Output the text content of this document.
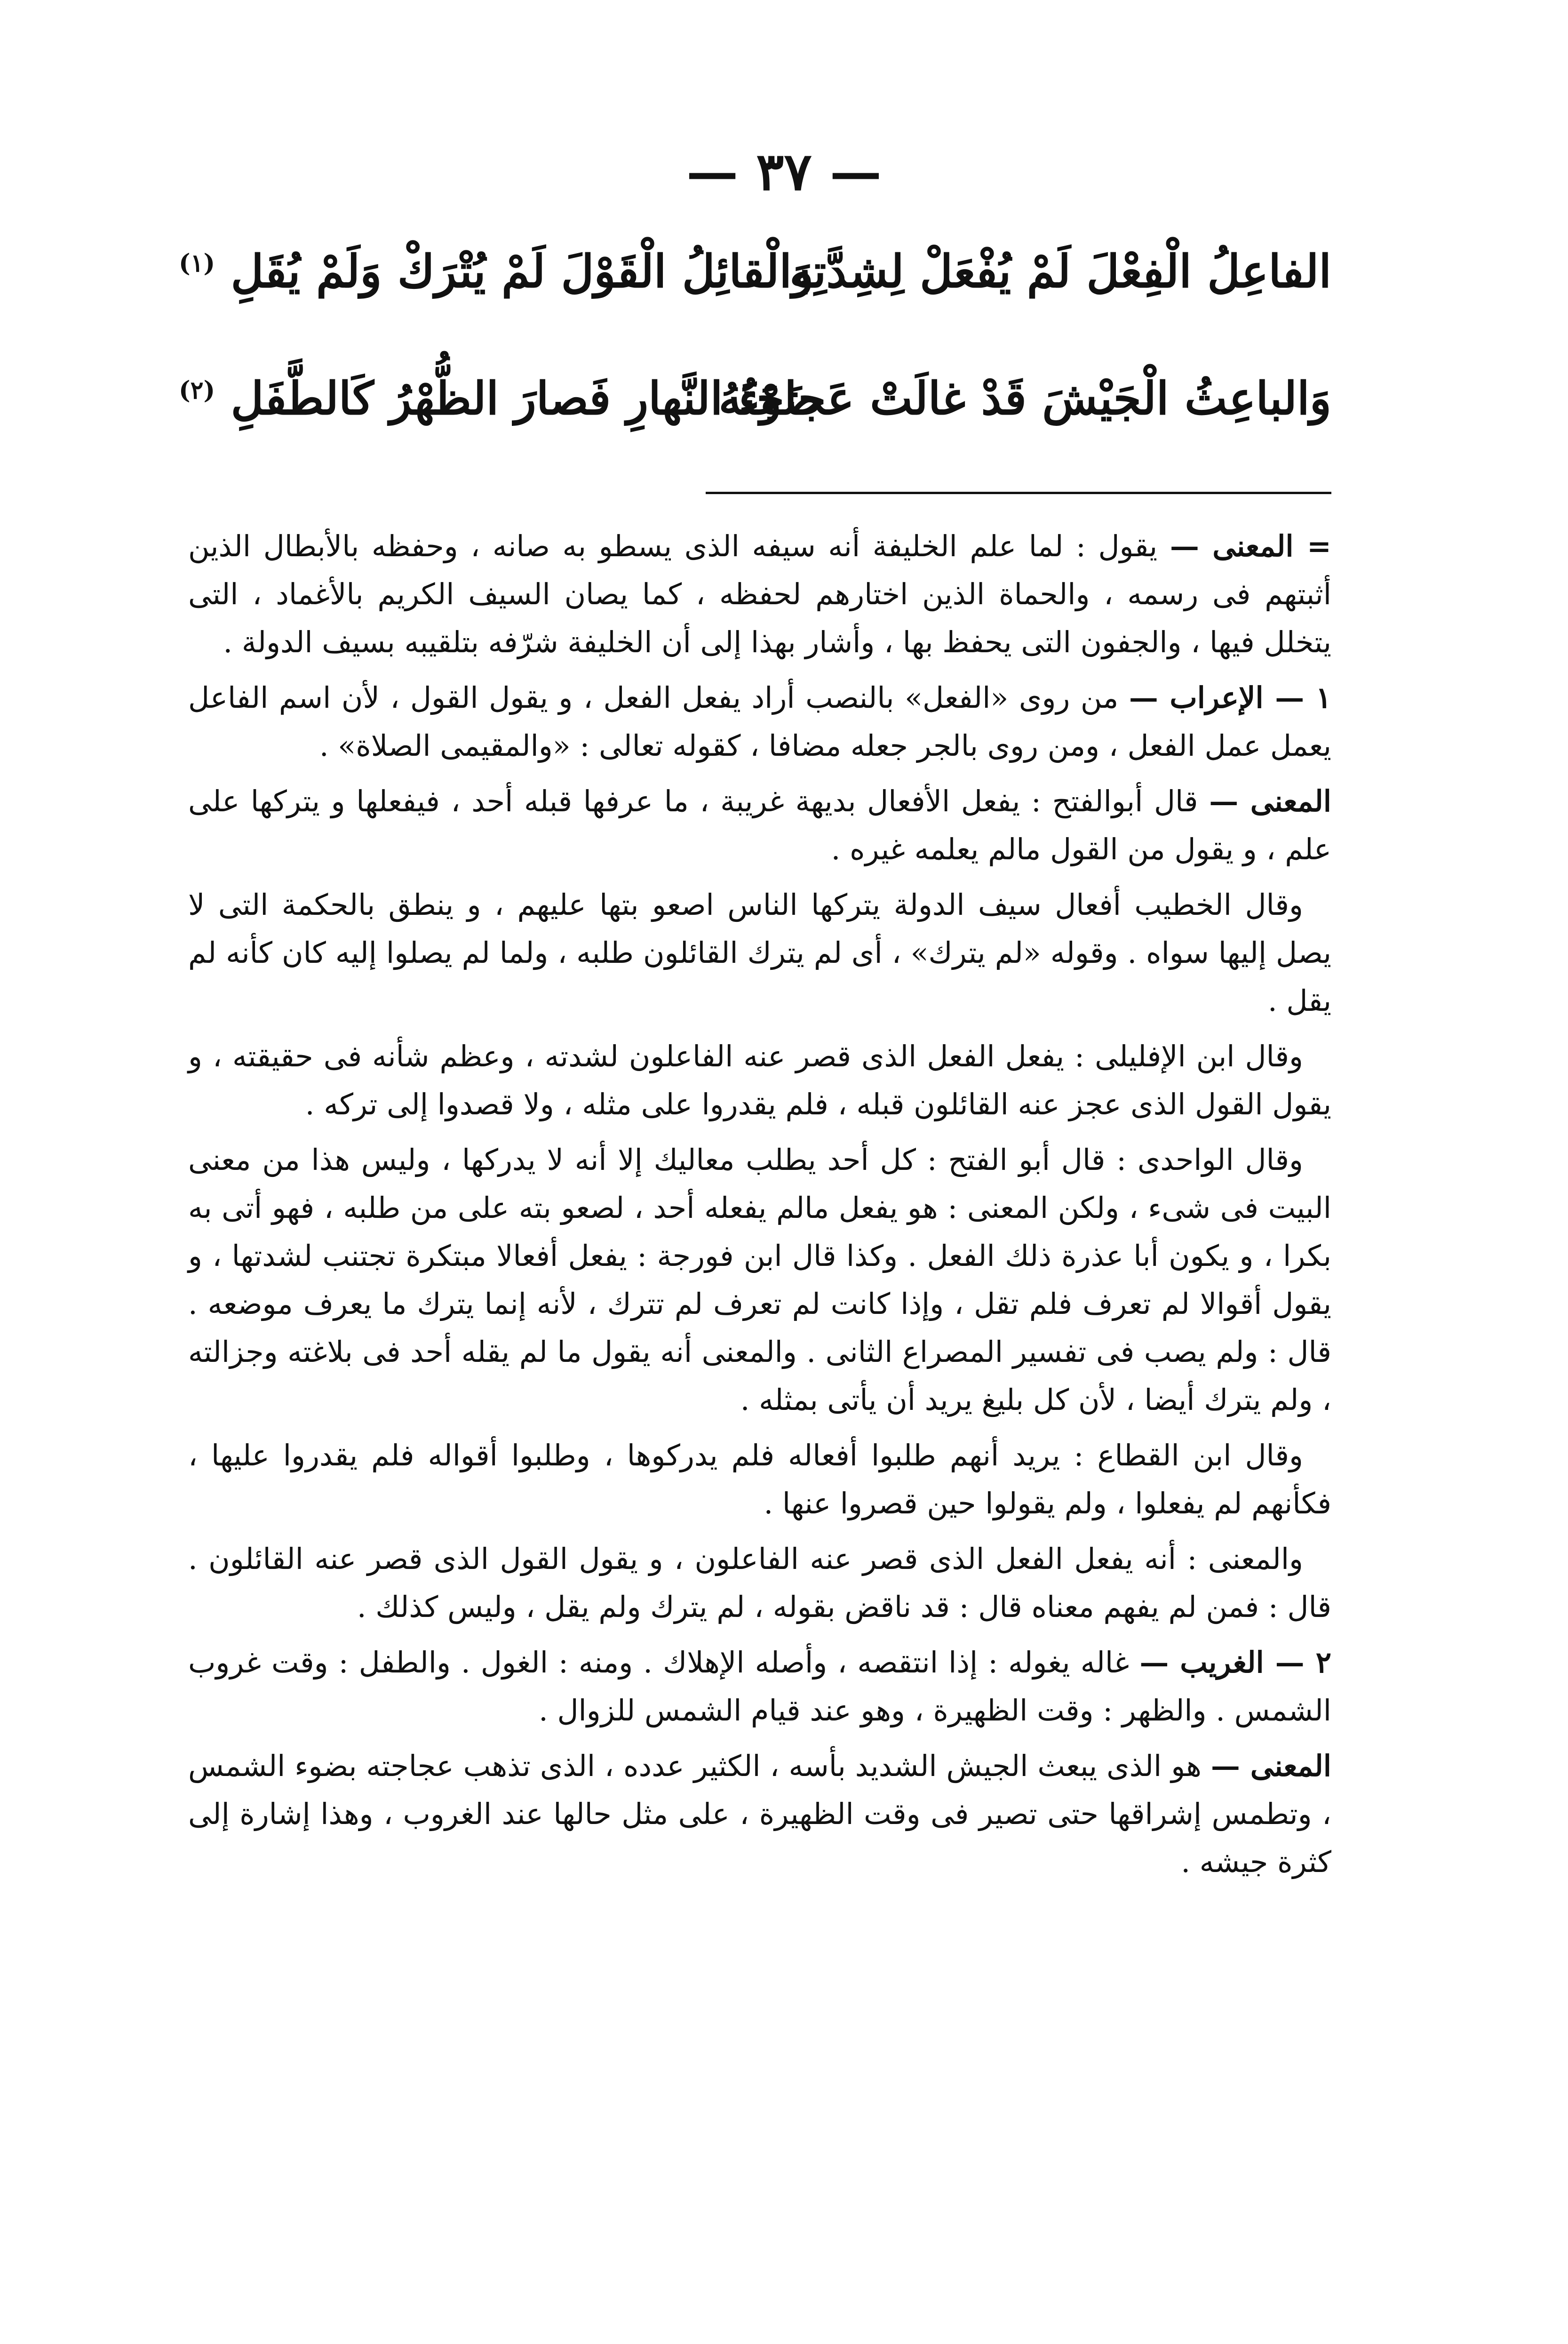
— ٣٧ —
الفاعِلُ الْفِعْلَ لَمْ يُفْعَلْ لِشِدَّتِهِ
وَالْقائِلُ الْقَوْلَ لَمْ يُتْرَكْ وَلَمْ يُقَلِ $^{(١)}$
وَالباعِثُ الْجَيْشَ قَدْ غالَتْ عَجاجَتُهُ
ضَوْءَ النَّهارِ فَصارَ الظُّهْرُ كَالطَّفَلِ $^{(٢)}$

= المعنى — يقول : لما علم الخليفة أنه سيفه الذى يسطو به صانه ، وحفظه بالأبطال الذين أثبتهم فى رسمه ، والحماة الذين اختارهم لحفظه ، كما يصان السيف الكريم بالأغماد ، التى يتخلل فيها ، والجفون التى يحفظ بها ، وأشار بهذا إلى أن الخليفة شرّفه بتلقيبه بسيف الدولة .

١ — الإعراب — من روى «الفعل» بالنصب أراد يفعل الفعل ، و يقول القول ، لأن اسم الفاعل يعمل عمل الفعل ، ومن روى بالجر جعله مضافا ، كقوله تعالى : «والمقيمى الصلاة» .

المعنى — قال أبوالفتح : يفعل الأفعال بديهة غريبة ، ما عرفها قبله أحد ، فيفعلها و يتركها على علم ، و يقول من القول مالم يعلمه غيره .

وقال الخطيب أفعال سيف الدولة يتركها الناس اصعو بتها عليهم ، و ينطق بالحكمة التى لا يصل إليها سواه . وقوله «لم يترك» ، أى لم يترك القائلون طلبه ، ولما لم يصلوا إليه كان كأنه لم يقل .

وقال ابن الإفليلى : يفعل الفعل الذى قصر عنه الفاعلون لشدته ، وعظم شأنه فى حقيقته ، و يقول القول الذى عجز عنه القائلون قبله ، فلم يقدروا على مثله ، ولا قصدوا إلى تركه .

وقال الواحدى : قال أبو الفتح : كل أحد يطلب معاليك إلا أنه لا يدركها ، وليس هذا من معنى البيت فى شىء ، ولكن المعنى : هو يفعل مالم يفعله أحد ، لصعو بته على من طلبه ، فهو أتى به بكرا ، و يكون أبا عذرة ذلك الفعل . وكذا قال ابن فورجة : يفعل أفعالا مبتكرة تجتنب لشدتها ، و يقول أقوالا لم تعرف فلم تقل ، وإذا كانت لم تعرف لم تترك ، لأنه إنما يترك ما يعرف موضعه . قال : ولم يصب فى تفسير المصراع الثانى . والمعنى أنه يقول ما لم يقله أحد فى بلاغته وجزالته ، ولم يترك أيضا ، لأن كل بليغ يريد أن يأتى بمثله .

وقال ابن القطاع : يريد أنهم طلبوا أفعاله فلم يدركوها ، وطلبوا أقواله فلم يقدروا عليها ، فكأنهم لم يفعلوا ، ولم يقولوا حين قصروا عنها .

والمعنى : أنه يفعل الفعل الذى قصر عنه الفاعلون ، و يقول القول الذى قصر عنه القائلون . قال : فمن لم يفهم معناه قال : قد ناقض بقوله ، لم يترك ولم يقل ، وليس كذلك .

٢ — الغريب — غاله يغوله : إذا انتقصه ، وأصله الإهلاك . ومنه : الغول . والطفل : وقت غروب الشمس . والظهر : وقت الظهيرة ، وهو عند قيام الشمس للزوال .

المعنى — هو الذى يبعث الجيش الشديد بأسه ، الكثير عدده ، الذى تذهب عجاجته بضوء الشمس ، وتطمس إشراقها حتى تصير فى وقت الظهيرة ، على مثل حالها عند الغروب ، وهذا إشارة إلى كثرة جيشه .
